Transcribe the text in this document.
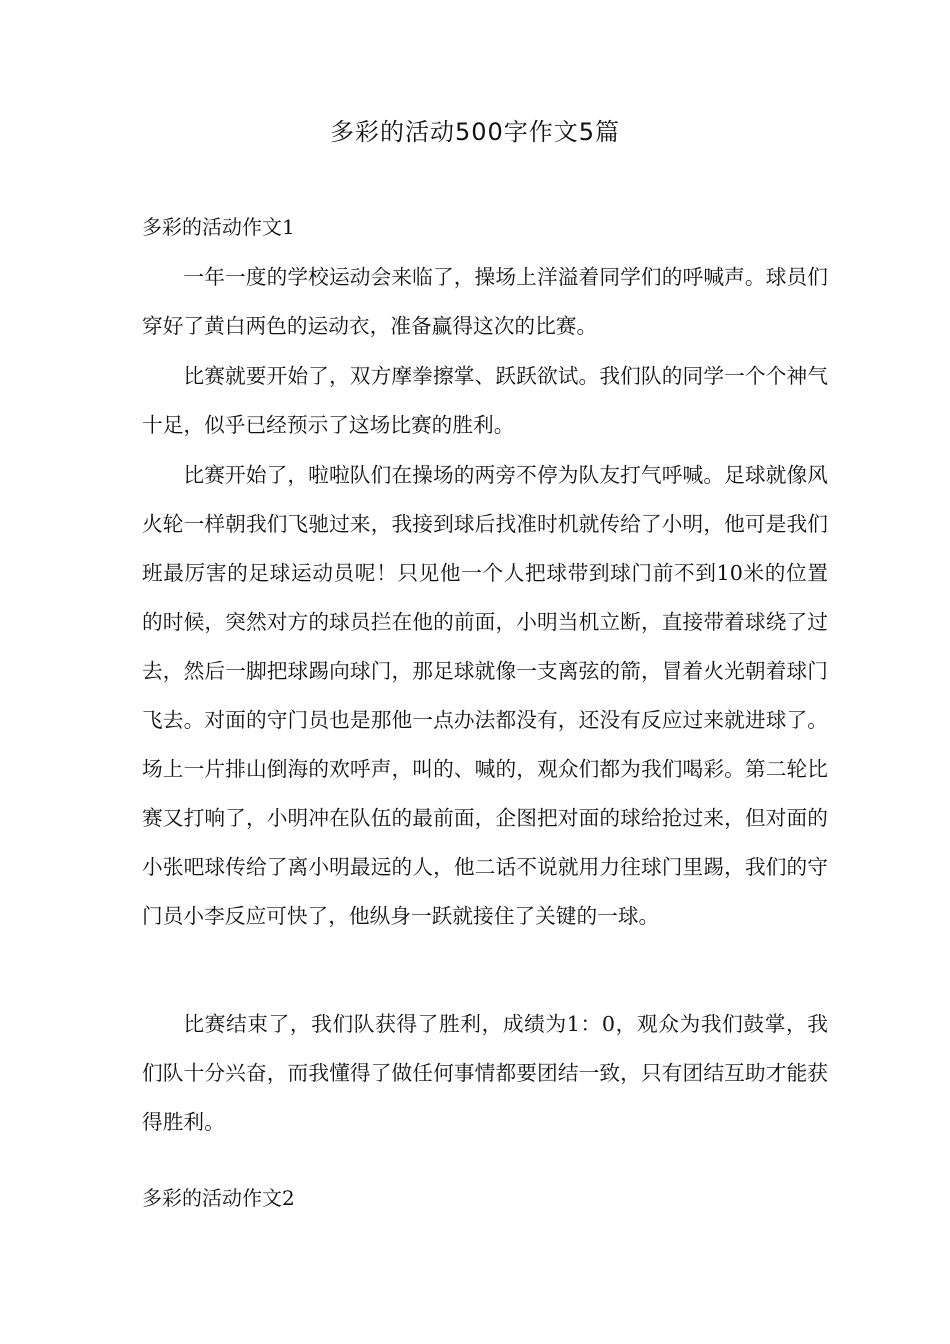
多彩的活动500字作文5篇
多彩的活动作文1

一年一度的学校运动会来临了，操场上洋溢着同学们的呼喊声。球员们穿好了黄白两色的运动衣，准备赢得这次的比赛。

比赛就要开始了，双方摩拳擦掌、跃跃欲试。我们队的同学一个个神气十足，似乎已经预示了这场比赛的胜利。

比赛开始了，啦啦队们在操场的两旁不停为队友打气呼喊。足球就像风火轮一样朝我们飞驰过来，我接到球后找准时机就传给了小明，他可是我们班最厉害的足球运动员呢！只见他一个人把球带到球门前不到10米的位置的时候，突然对方的球员拦在他的前面，小明当机立断，直接带着球绕了过去，然后一脚把球踢向球门，那足球就像一支离弦的箭，冒着火光朝着球门飞去。对面的守门员也是那他一点办法都没有，还没有反应过来就进球了。场上一片排山倒海的欢呼声，叫的、喊的，观众们都为我们喝彩。第二轮比赛又打响了，小明冲在队伍的最前面，企图把对面的球给抢过来，但对面的小张吧球传给了离小明最远的人，他二话不说就用力往球门里踢，我们的守门员小李反应可快了，他纵身一跃就接住了关键的一球。

比赛结束了，我们队获得了胜利，成绩为1：0，观众为我们鼓掌，我们队十分兴奋，而我懂得了做任何事情都要团结一致，只有团结互助才能获得胜利。

多彩的活动作文2
